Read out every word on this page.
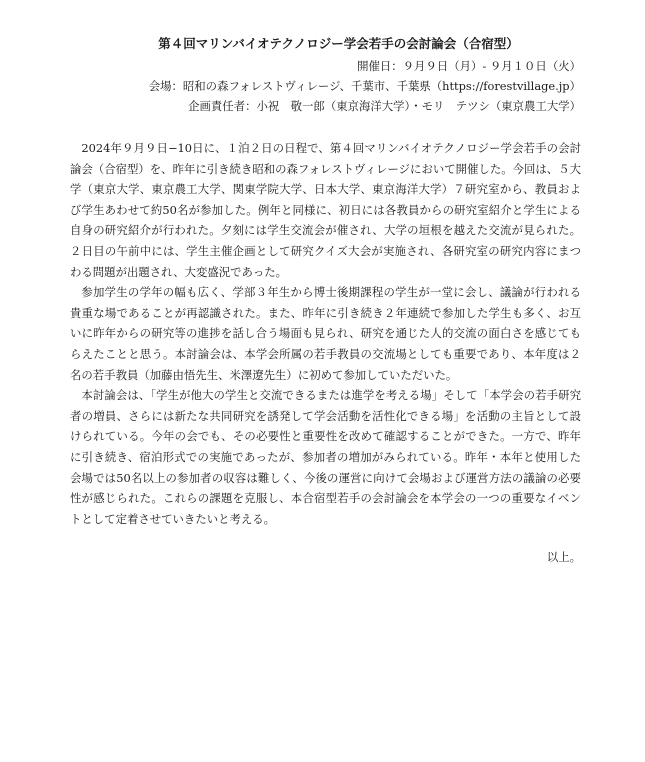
第４回マリンバイオテクノロジー学会若手の会討論会（合宿型）
開催日：９月９日（月）- ９月１０日（火）
会場：昭和の森フォレストヴィレージ、千葉市、千葉県（https://forestvillage.jp）
企画責任者：小祝　敬一郎（東京海洋大学）・モリ　テツシ（東京農工大学）

2024年９月９日−10日に、１泊２日の日程で、第４回マリンバイオテクノロジー学会若手の会討論会（合宿型）を、昨年に引き続き昭和の森フォレストヴィレージにおいて開催した。今回は、５大学（東京大学、東京農工大学、関東学院大学、日本大学、東京海洋大学）７研究室から、教員および学生あわせて約50名が参加した。例年と同様に、初日には各教員からの研究室紹介と学生による自身の研究紹介が行われた。夕刻には学生交流会が催され、大学の垣根を越えた交流が見られた。２日目の午前中には、学生主催企画として研究クイズ大会が実施され、各研究室の研究内容にまつわる問題が出題され、大変盛況であった。

参加学生の学年の幅も広く、学部３年生から博士後期課程の学生が一堂に会し、議論が行われる貴重な場であることが再認識された。また、昨年に引き続き２年連続で参加した学生も多く、お互いに昨年からの研究等の進捗を話し合う場面も見られ、研究を通じた人的交流の面白さを感じてもらえたことと思う。本討論会は、本学会所属の若手教員の交流場としても重要であり、本年度は２名の若手教員（加藤由悟先生、米澤遼先生）に初めて参加していただいた。

本討論会は、「学生が他大の学生と交流できるまたは進学を考える場」そして「本学会の若手研究者の増員、さらには新たな共同研究を誘発して学会活動を活性化できる場」を活動の主旨として設けられている。今年の会でも、その必要性と重要性を改めて確認することができた。一方で、昨年に引き続き、宿泊形式での実施であったが、参加者の増加がみられている。昨年・本年と使用した会場では50名以上の参加者の収容は難しく、今後の運営に向けて会場および運営方法の議論の必要性が感じられた。これらの課題を克服し、本合宿型若手の会討論会を本学会の一つの重要なイベントとして定着させていきたいと考える。

以上。
